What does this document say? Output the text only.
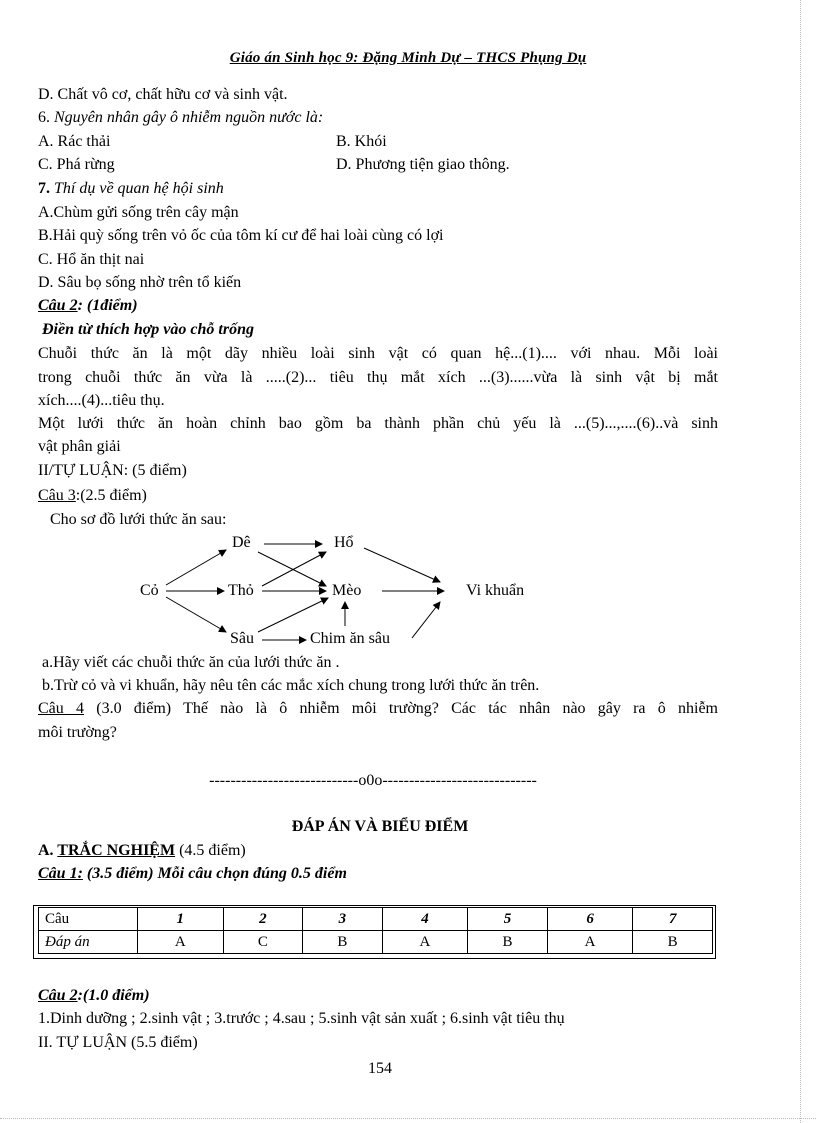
Giáo án Sinh học 9: Đặng Minh Dự – THCS Phụng Dụ
D. Chất vô cơ, chất hữu cơ và sinh vật.
6. Nguyên nhân gây ô nhiễm nguồn nước là:
A. Rác thải	B. Khói
C. Phá rừng	D. Phương tiện giao thông.
7. Thí dụ về quan hệ hội sinh
A.Chùm gửi sống trên cây mận
B.Hải quỳ sống trên vỏ ốc của tôm kí cư để hai loài cùng có lợi
C. Hổ ăn thịt nai
D. Sâu bọ sống nhờ trên tổ kiến
Câu 2: (1điểm)
Điền từ thích hợp vào chỗ trống
Chuỗi thức ăn là một dãy nhiều loài sinh vật có quan hệ...(1).... với nhau. Mỗi loài
trong chuỗi thức ăn vừa là .....(2)... tiêu thụ mắt xích ...(3)......vừa là sinh vật bị mắt
xích....(4)...tiêu thụ.
Một lưới thức ăn hoàn chỉnh bao gồm ba thành phần chủ yếu là ...(5)...,....(6)..và sinh
vật phân giải
II/TỰ LUẬN: (5 điểm)
Câu 3:(2.5 điểm)
Cho sơ đồ lưới thức ăn sau:
Cỏ
Dê
Thỏ
Sâu
Hổ
Mèo
Chim ăn sâu
Vi khuẩn
a.Hãy viết các chuỗi thức ăn của lưới thức ăn .
b.Trừ cỏ và vi khuẩn, hãy nêu tên các mắc xích chung trong lưới thức ăn trên.
Câu 4 (3.0 điểm) Thế nào là ô nhiễm môi trường? Các tác nhân nào gây ra ô nhiễm
môi trường?
----------------------------o0o-----------------------------
ĐÁP ÁN VÀ BIỂU ĐIỂM
A. TRẮC NGHIỆM (4.5 điểm)
Câu 1: (3.5 điểm) Mỗi câu chọn đúng 0.5 điểm
Câu	1	2	3	4	5	6	7
Đáp án	A	C	B	A	B	A	B
Câu 2:(1.0 điểm)
1.Dinh dưỡng ; 2.sinh vật ; 3.trước ; 4.sau ; 5.sinh vật sản xuất ; 6.sinh vật tiêu thụ
II. TỰ LUẬN (5.5 điểm)
154
